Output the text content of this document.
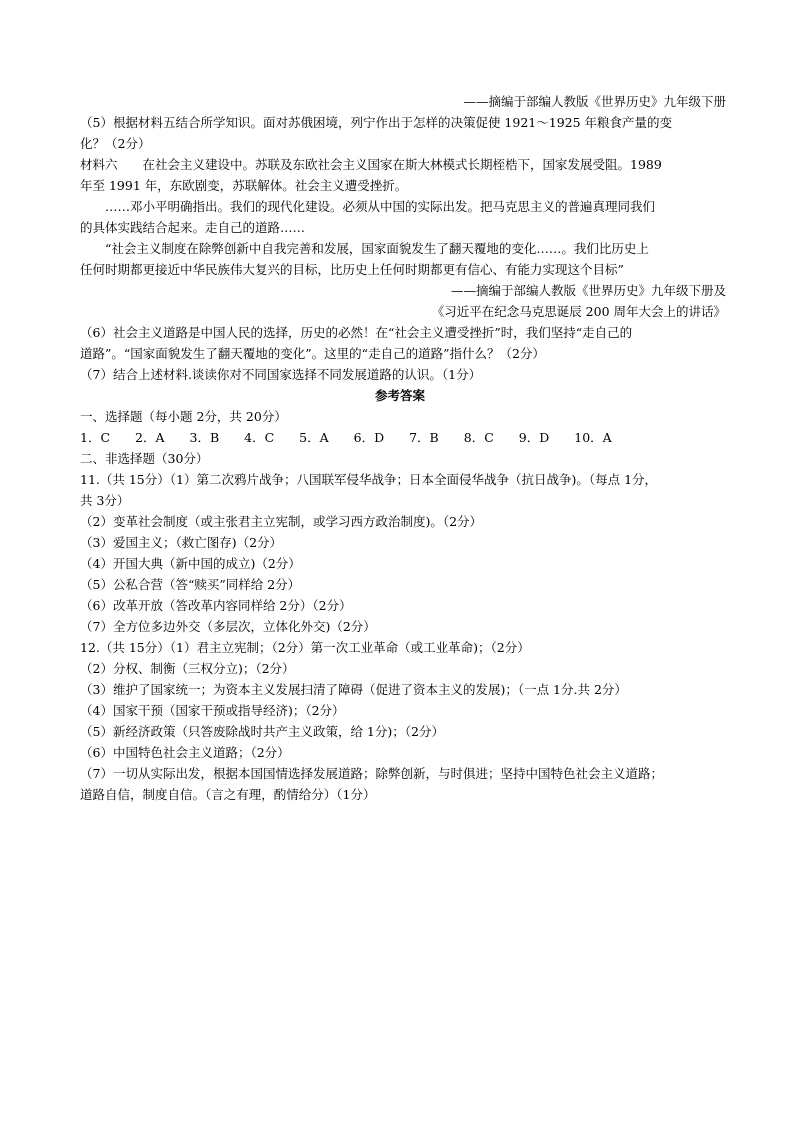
——摘编于部编人教版《世界历史》九年级下册
（5）根据材料五结合所学知识。面对苏俄困境，列宁作出于怎样的决策促使 1921～1925 年粮食产量的变
化？（2分）
材料六　　在社会主义建设中。苏联及东欧社会主义国家在斯大林模式长期桎梏下，国家发展受阻。1989
年至 1991 年，东欧剧变，苏联解体。社会主义遭受挫折。
　　……邓小平明确指出。我们的现代化建设。必须从中国的实际出发。把马克思主义的普遍真理同我们
的具体实践结合起来。走自己的道路……
　　“社会主义制度在除弊创新中自我完善和发展，国家面貌发生了翻天覆地的变化……。我们比历史上
任何时期都更接近中华民族伟大复兴的目标，比历史上任何时期都更有信心、有能力实现这个目标”
——摘编于部编人教版《世界历史》九年级下册及
《习近平在纪念马克思诞辰 200 周年大会上的讲话》
（6）社会主义道路是中国人民的选择，历史的必然！在“社会主义遭受挫折”时，我们坚持“走自己的
道路”。“国家面貌发生了翻天覆地的变化”。这里的“走自己的道路”指什么？（2分）
（7）结合上述材料.谈读你对不同国家选择不同发展道路的认识。（1分）
参考答案
一、选择题（每小题 2分，共 20分）
1．C　　2．A　　3．B　　4．C　　5．A　　6．D　　7．B　　8．C　　9．D　　10．A
二、非选择题（30分）
11.（共 15分）（1）第二次鸦片战争；八国联军侵华战争；日本全面侵华战争（抗日战争)。（每点 1分，
共 3分）
（2）变革社会制度（或主张君主立宪制，或学习西方政治制度)。（2分）
（3）爱国主义；（救亡图存)（2分）
（4）开国大典（新中国的成立)（2分）
（5）公私合营（答“赎买”同样给 2分）
（6）改革开放（答改革内容同样给 2分）（2分）
（7）全方位多边外交（多层次，立体化外交)（2分）
12.（共 15分）（1）君主立宪制；（2分）第一次工业革命（或工业革命)；（2分）
（2）分权、制衡（三权分立)；（2分）
（3）维护了国家统一；为资本主义发展扫清了障碍（促进了资本主义的发展)；（一点 1分.共 2分）
（4）国家干预（国家干预或指导经济)；（2分）
（5）新经济政策（只答废除战时共产主义政策，给 1分)；（2分）
（6）中国特色社会主义道路；（2分）
（7）一切从实际出发，根据本国国情选择发展道路；除弊创新，与时俱进；坚持中国特色社会主义道路；
道路自信，制度自信。（言之有理，酌情给分）（1分）
